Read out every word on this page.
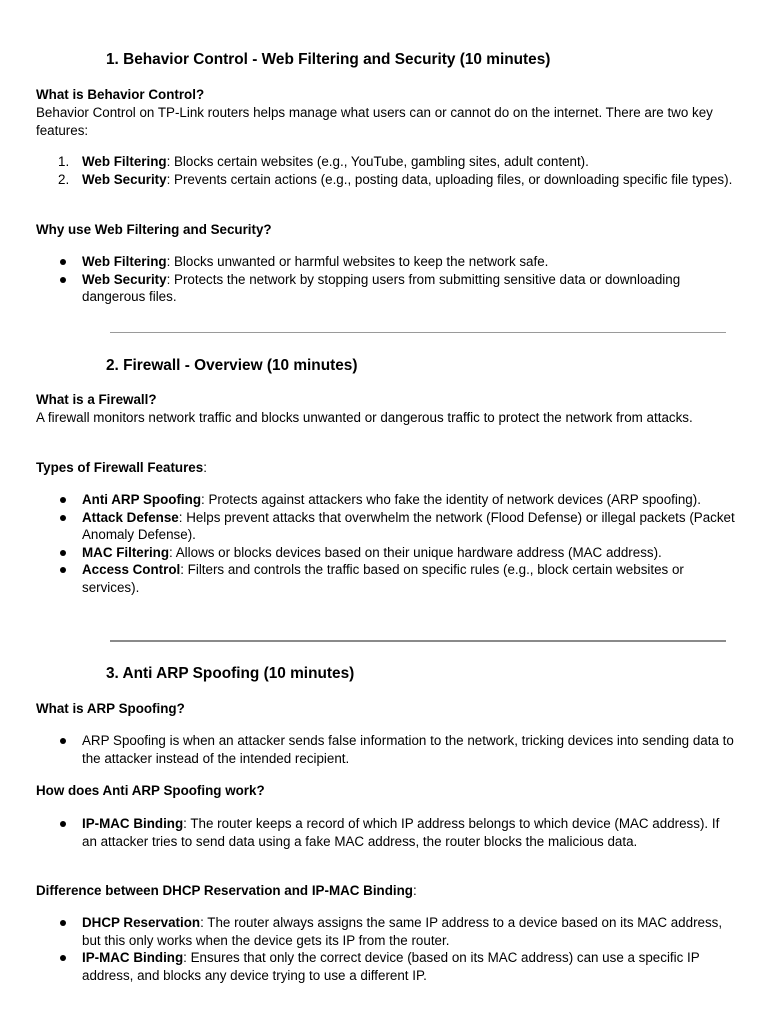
1. Behavior Control - Web Filtering and Security (10 minutes)
What is Behavior Control?
Behavior Control on TP-Link routers helps manage what users can or cannot do on the internet. There are two key features:
1. Web Filtering: Blocks certain websites (e.g., YouTube, gambling sites, adult content).
2. Web Security: Prevents certain actions (e.g., posting data, uploading files, or downloading specific file types).
Why use Web Filtering and Security?
Web Filtering: Blocks unwanted or harmful websites to keep the network safe.
Web Security: Protects the network by stopping users from submitting sensitive data or downloading dangerous files.
2. Firewall - Overview (10 minutes)
What is a Firewall?
A firewall monitors network traffic and blocks unwanted or dangerous traffic to protect the network from attacks.
Types of Firewall Features:
Anti ARP Spoofing: Protects against attackers who fake the identity of network devices (ARP spoofing).
Attack Defense: Helps prevent attacks that overwhelm the network (Flood Defense) or illegal packets (Packet Anomaly Defense).
MAC Filtering: Allows or blocks devices based on their unique hardware address (MAC address).
Access Control: Filters and controls the traffic based on specific rules (e.g., block certain websites or services).
3. Anti ARP Spoofing (10 minutes)
What is ARP Spoofing?
ARP Spoofing is when an attacker sends false information to the network, tricking devices into sending data to the attacker instead of the intended recipient.
How does Anti ARP Spoofing work?
IP-MAC Binding: The router keeps a record of which IP address belongs to which device (MAC address). If an attacker tries to send data using a fake MAC address, the router blocks the malicious data.
Difference between DHCP Reservation and IP-MAC Binding:
DHCP Reservation: The router always assigns the same IP address to a device based on its MAC address, but this only works when the device gets its IP from the router.
IP-MAC Binding: Ensures that only the correct device (based on its MAC address) can use a specific IP address, and blocks any device trying to use a different IP.
